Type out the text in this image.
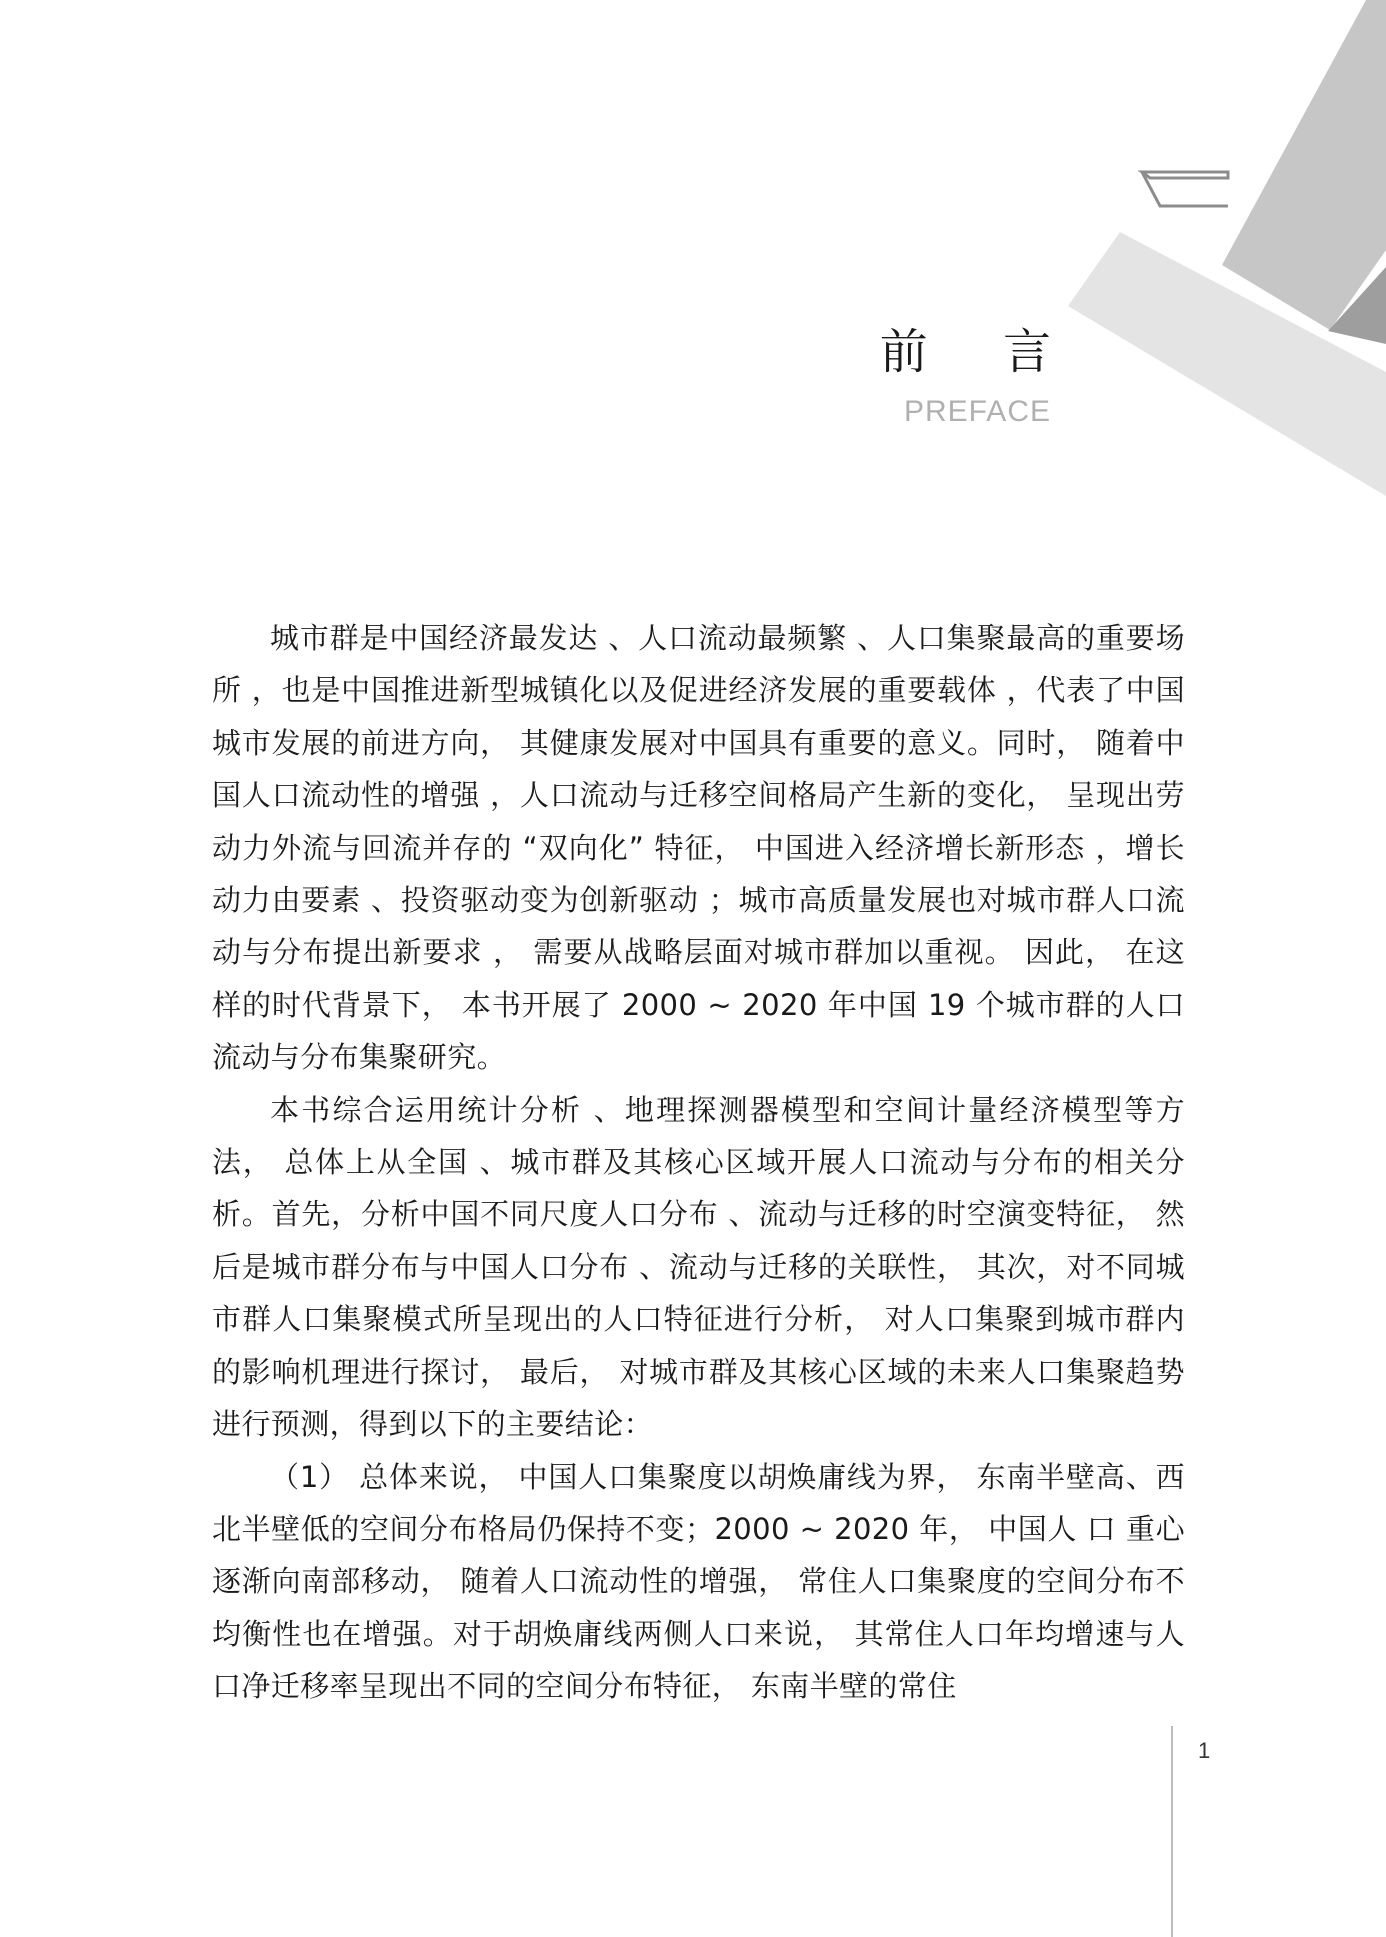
前 言
PREFACE

城市群是中国经济最发达 、人口流动最频繁 、人口集聚最高的重要场所 ，也是中国推进新型城镇化以及促进经济发展的重要载体 ，代表了中国城市发展的前进方向， 其健康发展对中国具有重要的意义。同时， 随着中国人口流动性的增强 ，人口流动与迁移空间格局产生新的变化， 呈现出劳动力外流与回流并存的 “双向化” 特征， 中国进入经济增长新形态 ，增长动力由要素 、投资驱动变为创新驱动 ；城市高质量发展也对城市群人口流动与分布提出新要求 ， 需要从战略层面对城市群加以重视。 因此， 在这样的时代背景下， 本书开展了 2000 ~ 2020 年中国 19 个城市群的人口流动与分布集聚研究。

本书综合运用统计分析 、地理探测器模型和空间计量经济模型等方法， 总体上从全国 、城市群及其核心区域开展人口流动与分布的相关分析。首先，分析中国不同尺度人口分布 、流动与迁移的时空演变特征， 然后是城市群分布与中国人口分布 、流动与迁移的关联性， 其次，对不同城市群人口集聚模式所呈现出的人口特征进行分析， 对人口集聚到城市群内的影响机理进行探讨， 最后， 对城市群及其核心区域的未来人口集聚趋势进行预测，得到以下的主要结论：

（1） 总体来说， 中国人口集聚度以胡焕庸线为界， 东南半壁高、西北半壁低的空间分布格局仍保持不变；2000 ~ 2020 年， 中国人 口 重心逐渐向南部移动， 随着人口流动性的增强， 常住人口集聚度的空间分布不均衡性也在增强。对于胡焕庸线两侧人口来说， 其常住人口年均增速与人口净迁移率呈现出不同的空间分布特征， 东南半壁的常住

1
